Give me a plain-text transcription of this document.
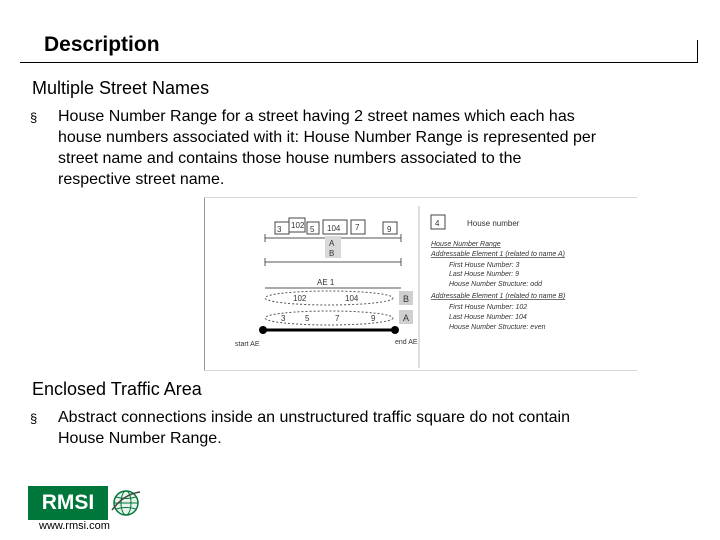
Description
Multiple Street Names
§ House Number Range for a street having 2 street names which each has
house numbers associated with it: House Number Range is represented per
street name and contains those house numbers associated to the
respective street name.
3 102 5 104 7	9
A
B
AE 1
102	104	B
3 5	7	9	A
start AE	end AE
4	House number
House Number Range
Addressable Element 1 (related to name A)
First House Number: 3
Last House Number: 9
House Number Structure: odd
Addressable Element 1 (related to name B)
First House Number: 102
Last House Number: 104
House Number Structure: even
Enclosed Traffic Area
§ Abstract connections inside an unstructured traffic square do not contain
House Number Range.
RMSI
www.rmsi.com
